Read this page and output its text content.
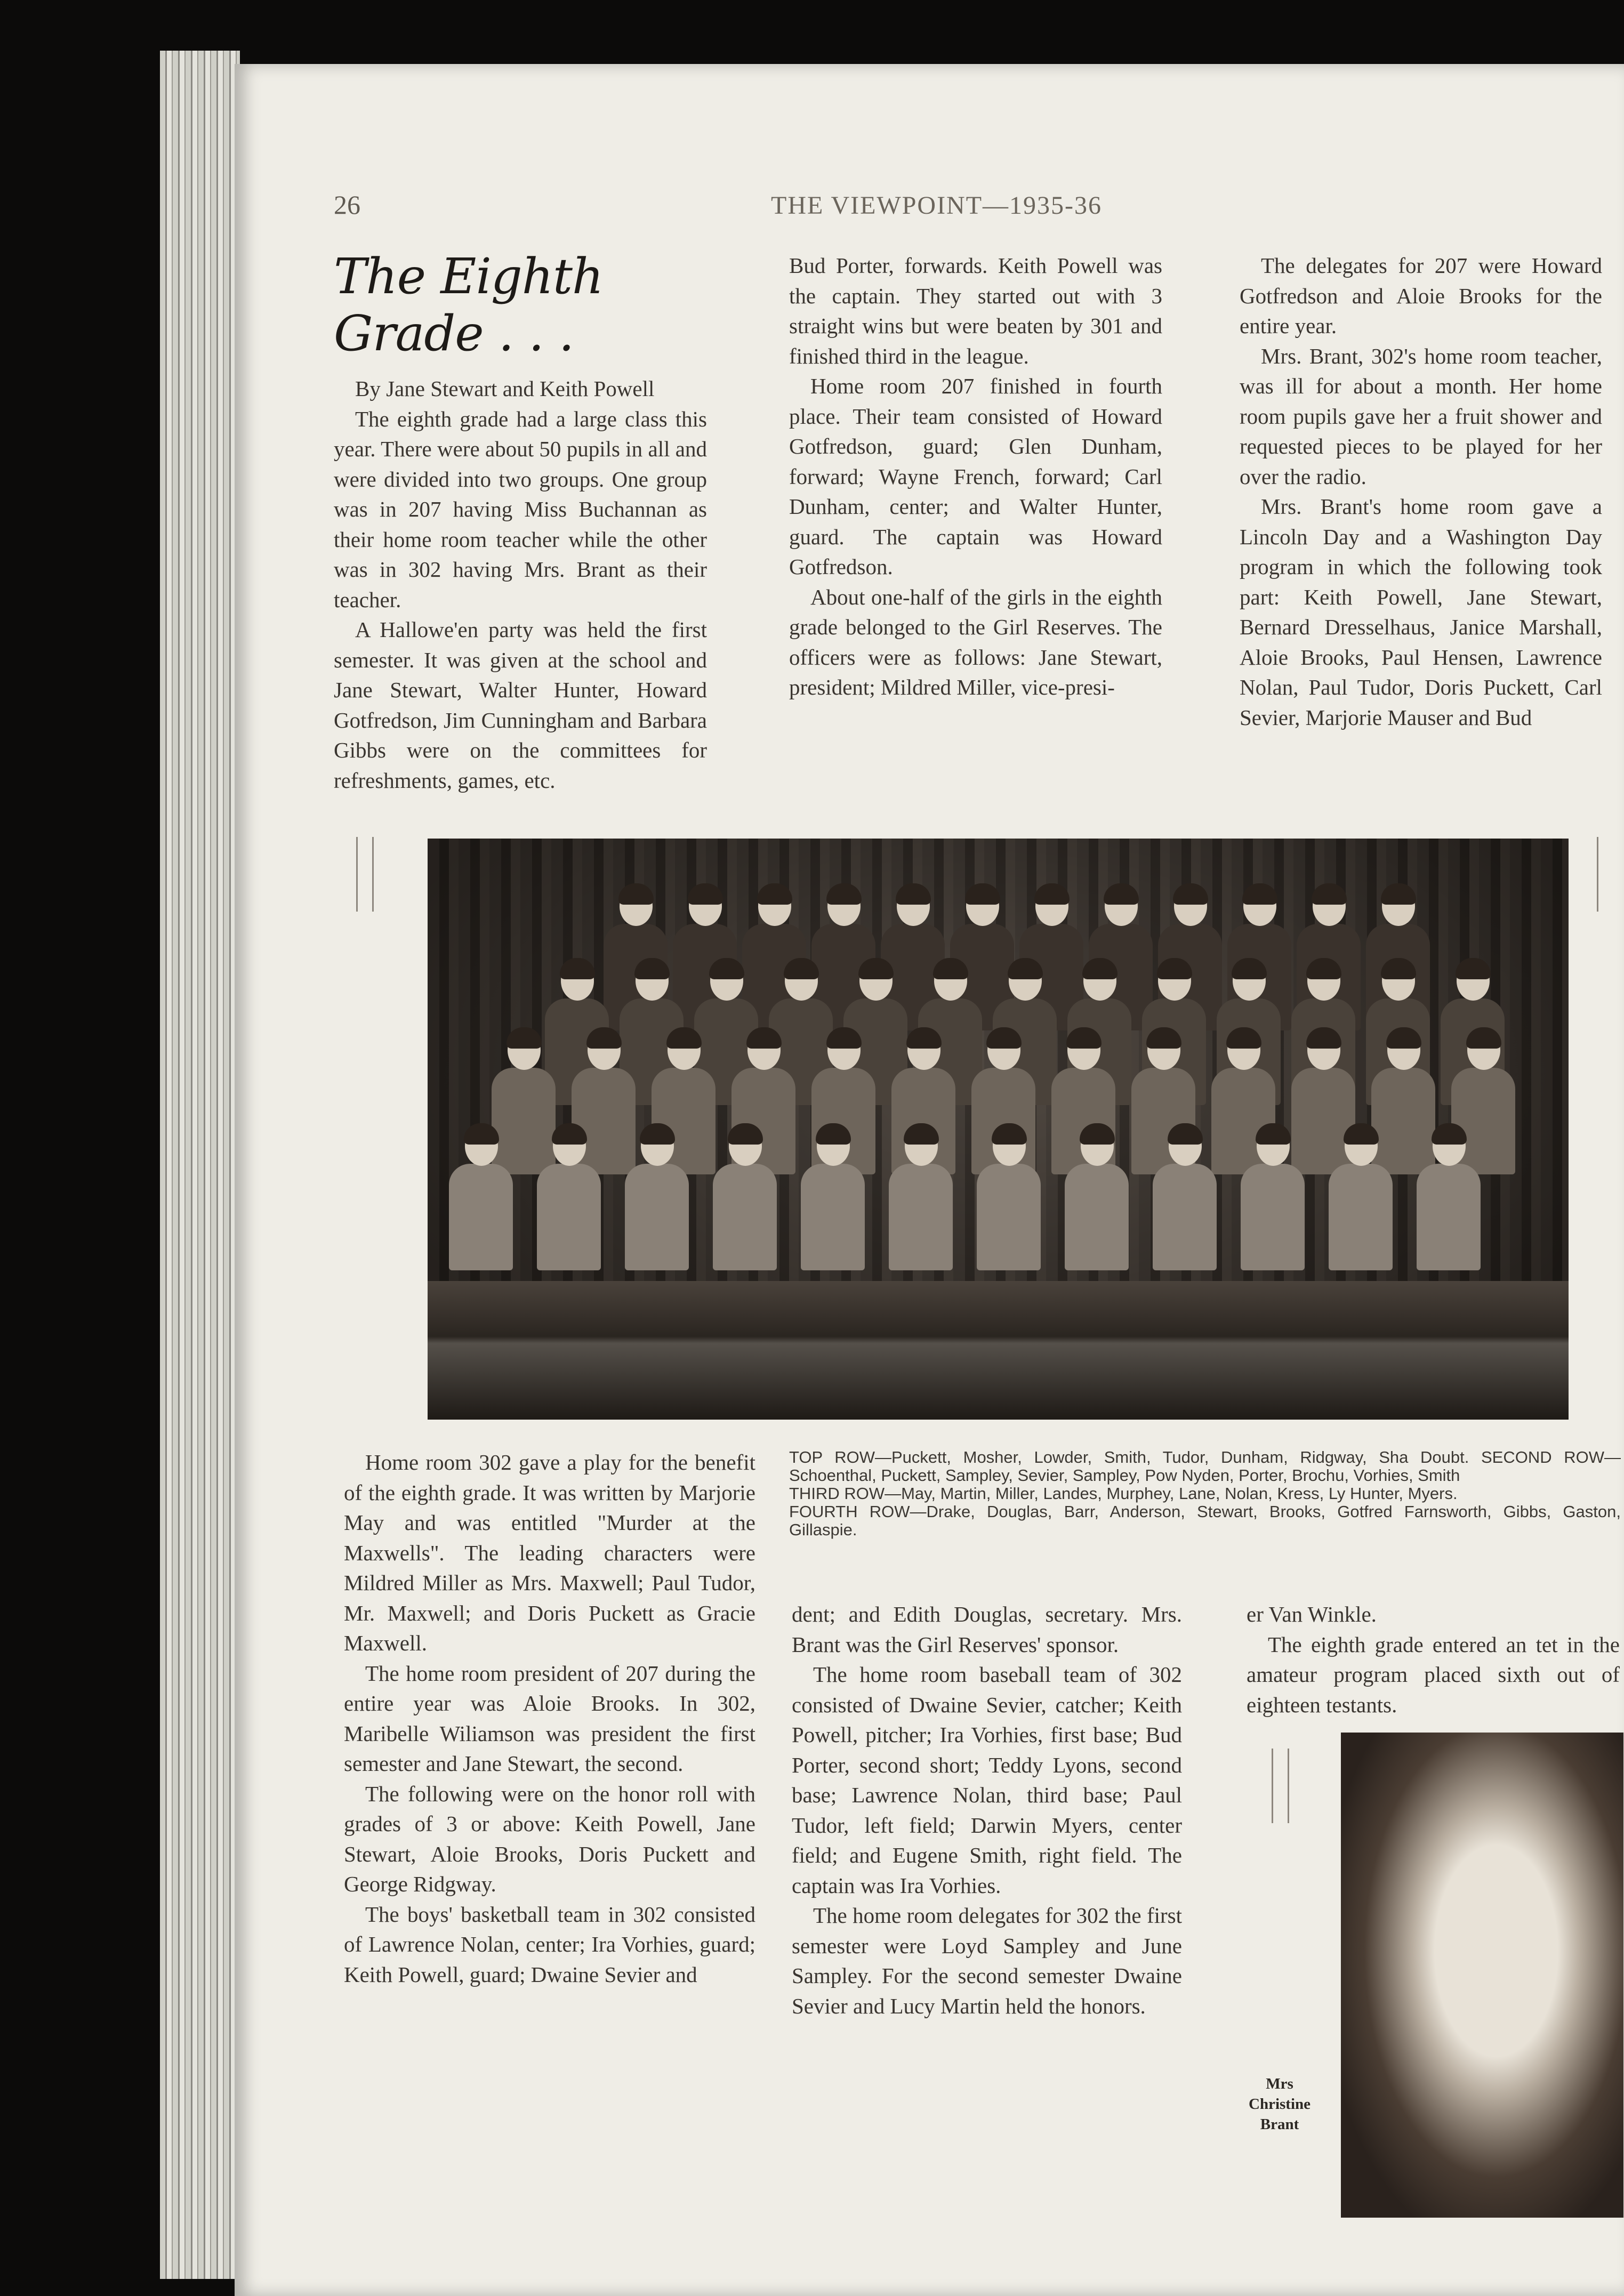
26	THE VIEWPOINT—1935-36
The Eighth Grade . . .

By Jane Stewart and Keith Powell

The eighth grade had a large class this year. There were about 50 pupils in all and were divided into two groups. One group was in 207 having Miss Buchannan as their home room teacher while the other was in 302 having Mrs. Brant as their teacher.

A Hallowe'en party was held the first semester. It was given at the school and Jane Stewart, Walter Hunter, Howard Gotfredson, Jim Cunningham and Barbara Gibbs were on the committees for refreshments, games, etc.

Bud Porter, forwards. Keith Powell was the captain. They started out with 3 straight wins but were beaten by 301 and finished third in the league.

Home room 207 finished in fourth place. Their team consisted of Howard Gotfredson, guard; Glen Dunham, forward; Wayne French, forward; Carl Dunham, center; and Walter Hunter, guard. The captain was Howard Gotfredson.

About one-half of the girls in the eighth grade belonged to the Girl Reserves. The officers were as follows: Jane Stewart, president; Mildred Miller, vice-presi-

The delegates for 207 were Howard Gotfredson and Aloie Brooks for the entire year.

Mrs. Brant, 302's home room teacher, was ill for about a month. Her home room pupils gave her a fruit shower and requested pieces to be played for her over the radio.

Mrs. Brant's home room gave a Lincoln Day and a Washington Day program in which the following took part: Keith Powell, Jane Stewart, Bernard Dresselhaus, Janice Marshall, Aloie Brooks, Paul Hensen, Lawrence Nolan, Paul Tudor, Doris Puckett, Carl Sevier, Marjorie Mauser and Bud

Home room 302 gave a play for the benefit of the eighth grade. It was written by Marjorie May and was entitled "Murder at the Maxwells". The leading characters were Mildred Miller as Mrs. Maxwell; Paul Tudor, Mr. Maxwell; and Doris Puckett as Gracie Maxwell.

The home room president of 207 during the entire year was Aloie Brooks. In 302, Maribelle Wiliamson was president the first semester and Jane Stewart, the second.

The following were on the honor roll with grades of 3 or above: Keith Powell, Jane Stewart, Aloie Brooks, Doris Puckett and George Ridgway.

The boys' basketball team in 302 consisted of Lawrence Nolan, center; Ira Vorhies, guard; Keith Powell, guard; Dwaine Sevier and

TOP ROW—Puckett, Mosher, Lowder, Smith, Tudor, Dunham, Ridgway, Sha Doubt. SECOND ROW—Schoenthal, Puckett, Sampley, Sevier, Sampley, Pow Nyden, Porter, Brochu, Vorhies, Smith

THIRD ROW—May, Martin, Miller, Landes, Murphey, Lane, Nolan, Kress, Ly Hunter, Myers.

FOURTH ROW—Drake, Douglas, Barr, Anderson, Stewart, Brooks, Gotfred Farnsworth, Gibbs, Gaston, Gillaspie.

dent; and Edith Douglas, secretary. Mrs. Brant was the Girl Reserves' sponsor.

The home room baseball team of 302 consisted of Dwaine Sevier, catcher; Keith Powell, pitcher; Ira Vorhies, first base; Bud Porter, second short; Teddy Lyons, second base; Lawrence Nolan, third base; Paul Tudor, left field; Darwin Myers, center field; and Eugene Smith, right field. The captain was Ira Vorhies.

The home room delegates for 302 the first semester were Loyd Sampley and June Sampley. For the second semester Dwaine Sevier and Lucy Martin held the honors.

er Van Winkle.

The eighth grade entered an tet in the amateur program placed sixth out of eighteen testants.

Mrs
Christine
Brant
